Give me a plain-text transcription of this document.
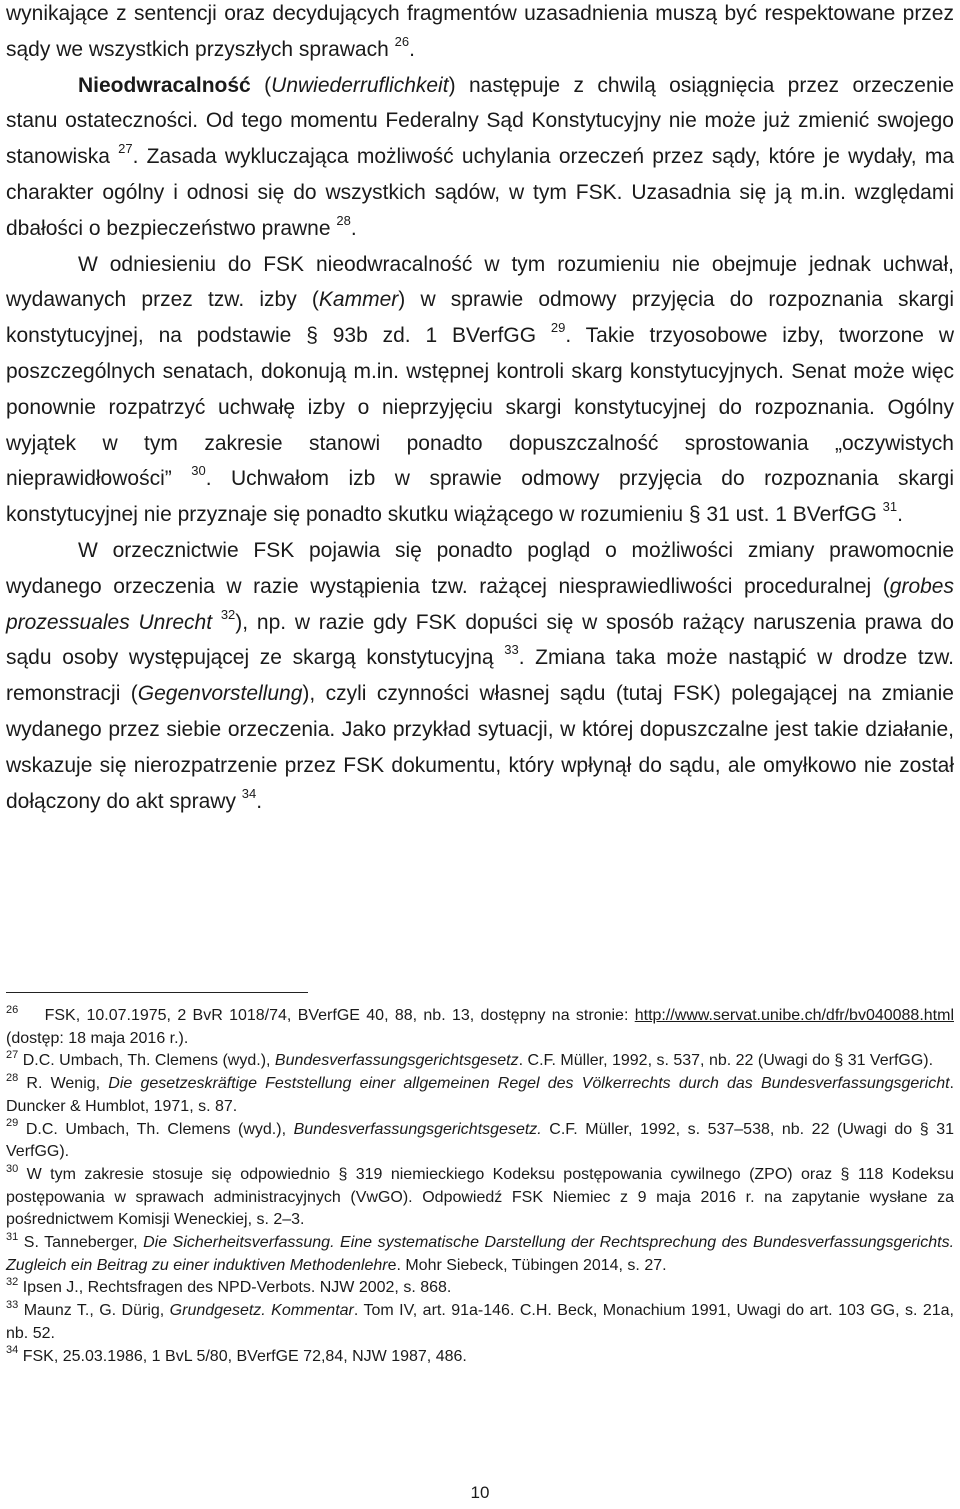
wynikające z sentencji oraz decydujących fragmentów uzasadnienia muszą być respektowane przez sądy we wszystkich przyszłych sprawach $^{26}$.

Nieodwracalność (Unwiederruflichkeit) następuje z chwilą osiągnięcia przez orzeczenie stanu ostateczności. Od tego momentu Federalny Sąd Konstytucyjny nie może już zmienić swojego stanowiska $^{27}$. Zasada wykluczająca możliwość uchylania orzeczeń przez sądy, które je wydały, ma charakter ogólny i odnosi się do wszystkich sądów, w tym FSK. Uzasadnia się ją m.in. względami dbałości o bezpieczeństwo prawne $^{28}$.

W odniesieniu do FSK nieodwracalność w tym rozumieniu nie obejmuje jednak uchwał, wydawanych przez tzw. izby (Kammer) w sprawie odmowy przyjęcia do rozpoznania skargi konstytucyjnej, na podstawie § 93b zd. 1 BVerfGG $^{29}$. Takie trzyosobowe izby, tworzone w poszczególnych senatach, dokonują m.in. wstępnej kontroli skarg konstytucyjnych. Senat może więc ponownie rozpatrzyć uchwałę izby o nieprzyjęciu skargi konstytucyjnej do rozpoznania. Ogólny wyjątek w tym zakresie stanowi ponadto dopuszczalność sprostowania „oczywistych nieprawidłowości” $^{30}$. Uchwałom izb w sprawie odmowy przyjęcia do rozpoznania skargi konstytucyjnej nie przyznaje się ponadto skutku wiążącego w rozumieniu § 31 ust. 1 BVerfGG $^{31}$.

W orzecznictwie FSK pojawia się ponadto pogląd o możliwości zmiany prawomocnie wydanego orzeczenia w razie wystąpienia tzw. rażącej niesprawiedliwości proceduralnej (grobes prozessuales Unrecht $^{32}$), np. w razie gdy FSK dopuści się w sposób rażący naruszenia prawa do sądu osoby występującej ze skargą konstytucyjną $^{33}$. Zmiana taka może nastąpić w drodze tzw. remonstracji (Gegenvorstellung), czyli czynności własnej sądu (tutaj FSK) polegającej na zmianie wydanego przez siebie orzeczenia. Jako przykład sytuacji, w której dopuszczalne jest takie działanie, wskazuje się nierozpatrzenie przez FSK dokumentu, który wpłynął do sądu, ale omyłkowo nie został dołączony do akt sprawy $^{34}$.

$^{26}$ FSK, 10.07.1975, 2 BvR 1018/74, BVerfGE 40, 88, nb. 13, dostępny na stronie: http://www.servat.unibe.ch/dfr/bv040088.html (dostęp: 18 maja 2016 r.).

$^{27}$ D.C. Umbach, Th. Clemens (wyd.), Bundesverfassungsgerichtsgesetz. C.F. Müller, 1992, s. 537, nb. 22 (Uwagi do § 31 VerfGG).

$^{28}$ R. Wenig, Die gesetzeskräftige Feststellung einer allgemeinen Regel des Völkerrechts durch das Bundesverfassungsgericht. Duncker & Humblot, 1971, s. 87.

$^{29}$ D.C. Umbach, Th. Clemens (wyd.), Bundesverfassungsgerichtsgesetz. C.F. Müller, 1992, s. 537–538, nb. 22 (Uwagi do § 31 VerfGG).

$^{30}$ W tym zakresie stosuje się odpowiednio § 319 niemieckiego Kodeksu postępowania cywilnego (ZPO) oraz § 118 Kodeksu postępowania w sprawach administracyjnych (VwGO). Odpowiedź FSK Niemiec z 9 maja 2016 r. na zapytanie wysłane za pośrednictwem Komisji Weneckiej, s. 2–3.

$^{31}$ S. Tanneberger, Die Sicherheitsverfassung. Eine systematische Darstellung der Rechtsprechung des Bundesverfassungsgerichts. Zugleich ein Beitrag zu einer induktiven Methodenlehre. Mohr Siebeck, Tübingen 2014, s. 27.

$^{32}$ Ipsen J., Rechtsfragen des NPD-Verbots. NJW 2002, s. 868.

$^{33}$ Maunz T., G. Dürig, Grundgesetz. Kommentar. Tom IV, art. 91a-146. C.H. Beck, Monachium 1991, Uwagi do art. 103 GG, s. 21a, nb. 52.

$^{34}$ FSK, 25.03.1986, 1 BvL 5/80, BVerfGE 72,84, NJW 1987, 486.

10
